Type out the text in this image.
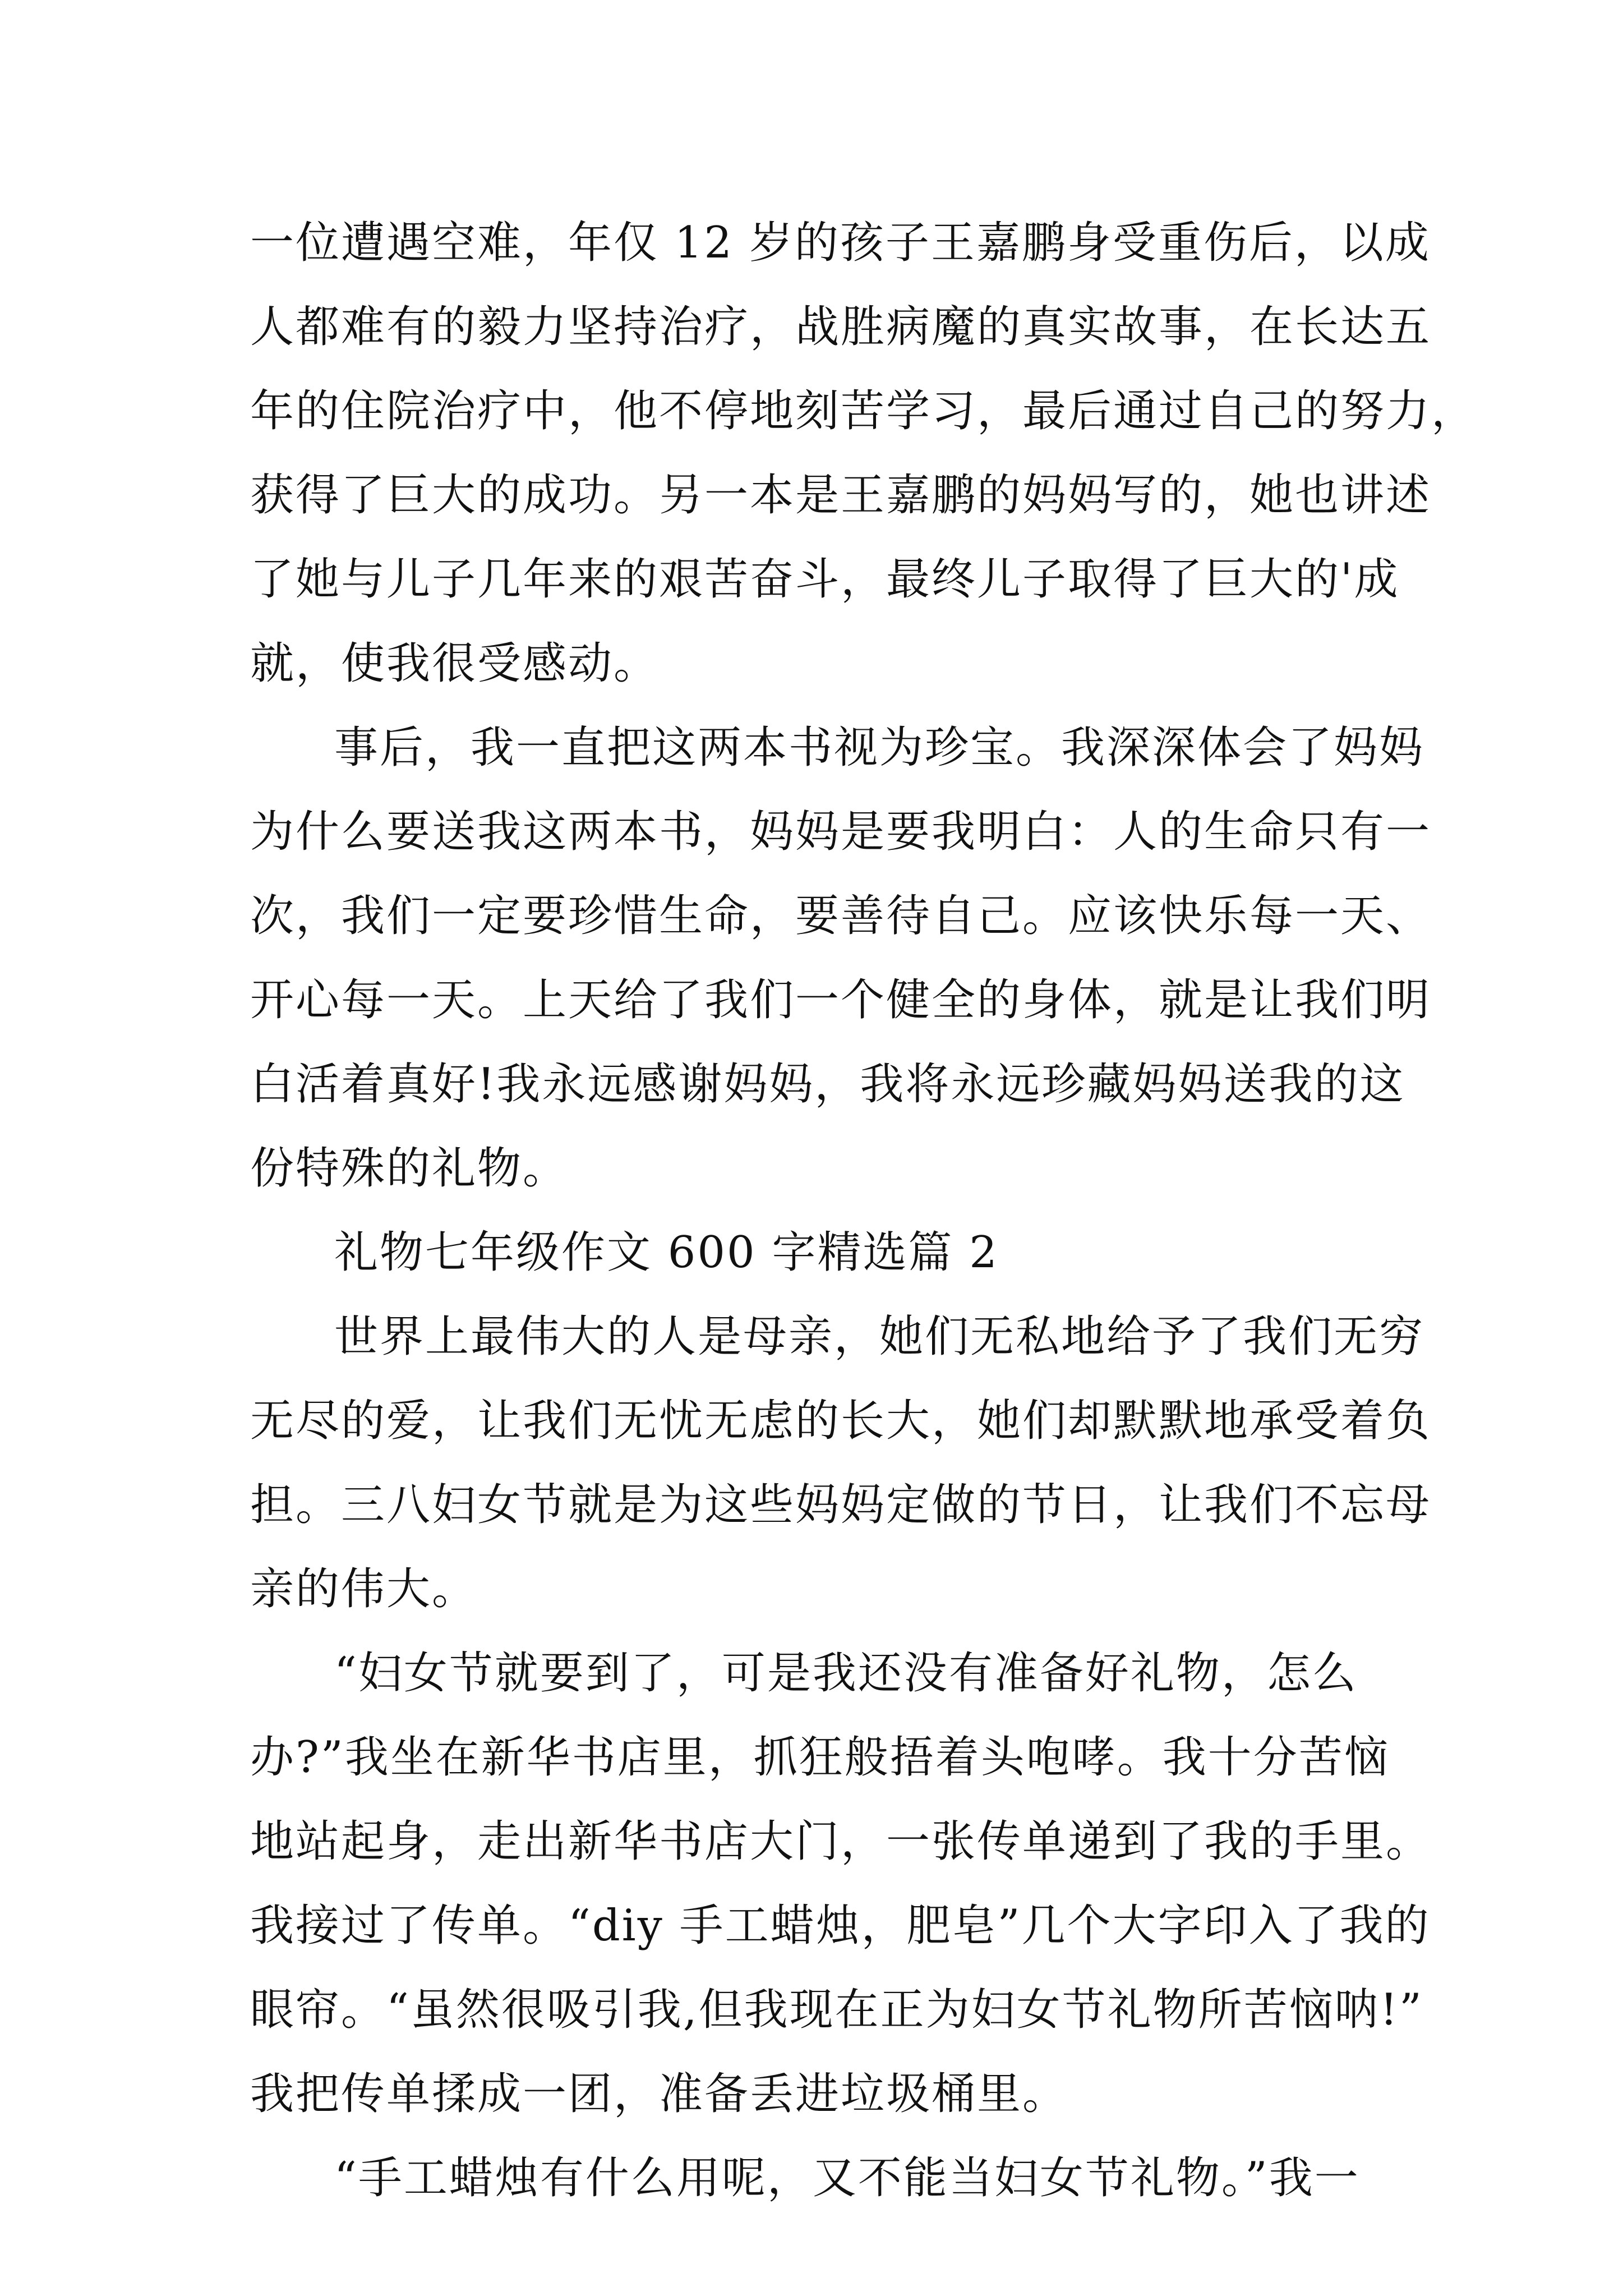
一位遭遇空难，年仅 12 岁的孩子王嘉鹏身受重伤后，以成
人都难有的毅力坚持治疗，战胜病魔的真实故事，在长达五
年的住院治疗中，他不停地刻苦学习，最后通过自己的努力，
获得了巨大的成功。另一本是王嘉鹏的妈妈写的，她也讲述
了她与儿子几年来的艰苦奋斗，最终儿子取得了巨大的'成
就，使我很受感动。
事后，我一直把这两本书视为珍宝。我深深体会了妈妈
为什么要送我这两本书，妈妈是要我明白：人的生命只有一
次，我们一定要珍惜生命，要善待自己。应该快乐每一天、
开心每一天。上天给了我们一个健全的身体，就是让我们明
白活着真好!我永远感谢妈妈，我将永远珍藏妈妈送我的这
份特殊的礼物。
礼物七年级作文 600 字精选篇 2
世界上最伟大的人是母亲，她们无私地给予了我们无穷
无尽的爱，让我们无忧无虑的长大，她们却默默地承受着负
担。三八妇女节就是为这些妈妈定做的节日，让我们不忘母
亲的伟大。
“妇女节就要到了，可是我还没有准备好礼物，怎么
办?”我坐在新华书店里，抓狂般捂着头咆哮。我十分苦恼
地站起身，走出新华书店大门，一张传单递到了我的手里。
我接过了传单。“diy 手工蜡烛，肥皂”几个大字印入了我的
眼帘。“虽然很吸引我,但我现在正为妇女节礼物所苦恼呐!”
我把传单揉成一团，准备丢进垃圾桶里。
“手工蜡烛有什么用呢，又不能当妇女节礼物。”我一
